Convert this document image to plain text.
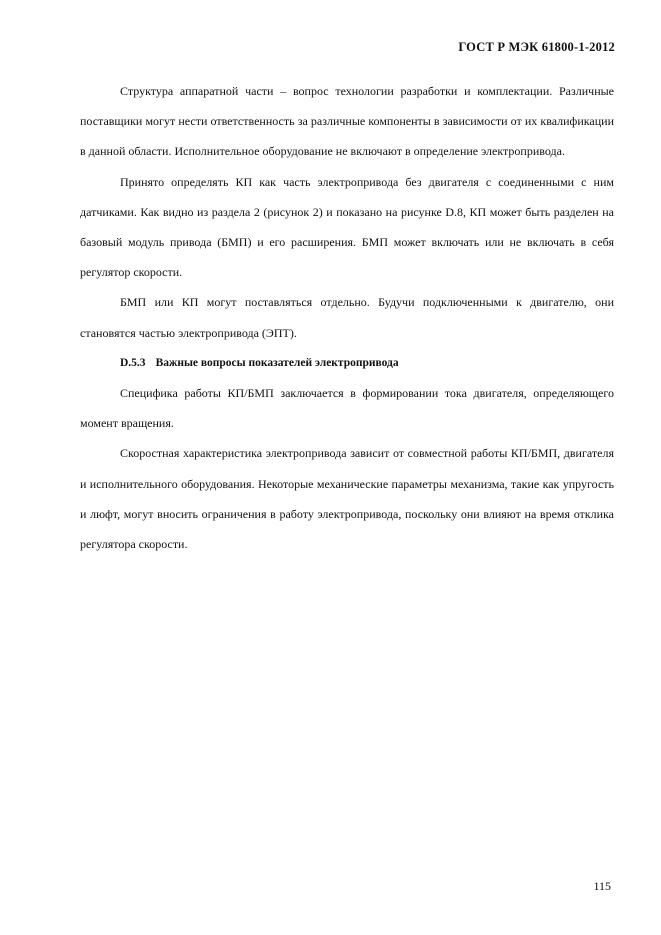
ГОСТ Р МЭК 61800-1-2012

Структура аппаратной части – вопрос технологии разработки и комплектации. Различные поставщики могут нести ответственность за различные компоненты в зависимости от их квалификации в данной области. Исполнительное оборудование не включают в определение электропривода.

Принято определять КП как часть электропривода без двигателя с соединенными с ним датчиками. Как видно из раздела 2 (рисунок 2) и показано на рисунке D.8, КП может быть разделен на базовый модуль привода (БМП) и его расширения. БМП может включать или не включать в себя регулятор скорости.

БМП или КП могут поставляться отдельно. Будучи подключенными к двигателю, они становятся частью электропривода (ЭПТ).

D.5.3 Важные вопросы показателей электропривода

Специфика работы КП/БМП заключается в формировании тока двигателя, определяющего момент вращения.

Скоростная характеристика электропривода зависит от совместной работы КП/БМП, двигателя и исполнительного оборудования. Некоторые механические параметры механизма, такие как упругость и люфт, могут вносить ограничения в работу электропривода, поскольку они влияют на время отклика регулятора скорости.

115
